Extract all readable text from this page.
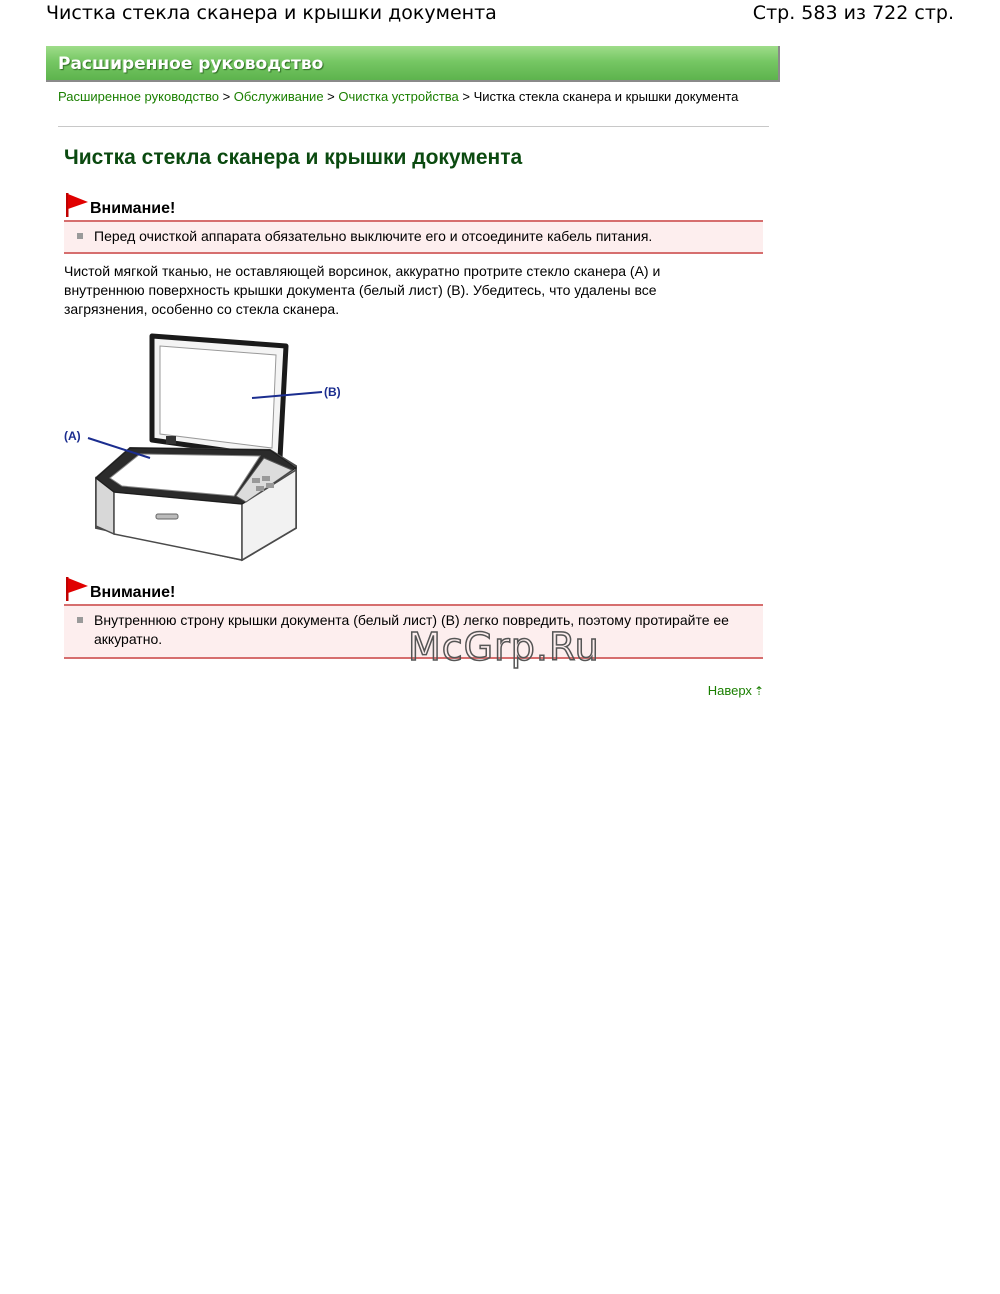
Чистка стекла сканера и крышки документа	Стр. 583 из 722 стр.
Расширенное руководство
Расширенное руководство > Обслуживание > Очистка устройства > Чистка стекла сканера и крышки документа
Чистка стекла сканера и крышки документа
Внимание!
Перед очисткой аппарата обязательно выключите его и отсоедините кабель питания.

Чистой мягкой тканью, не оставляющей ворсинок, аккуратно протрите стекло сканера (A) и внутреннюю поверхность крышки документа (белый лист) (B). Убедитесь, что удалены все загрязнения, особенно со стекла сканера.

(B)
(A)
Внимание!
Внутреннюю строну крышки документа (белый лист) (B) легко повредить, поэтому протирайте ее аккуратно.	McGrp.Ru
Наверх ⇡
